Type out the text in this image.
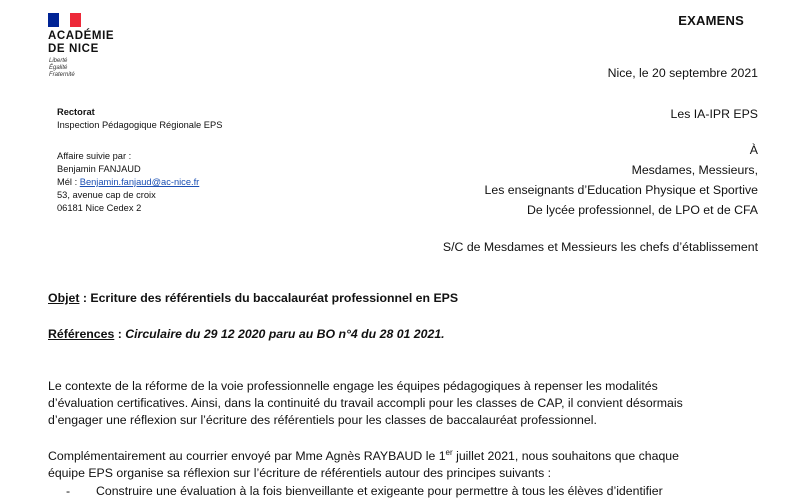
ACADÉMIE
DE NICE
Liberté
Égalité
Fraternité
EXAMENS
Rectorat
Inspection Pédagogique Régionale EPS
Affaire suivie par :
Benjamin FANJAUD
Mél : Benjamin.fanjaud@ac-nice.fr
53, avenue cap de croix
06181 Nice Cedex 2
Nice, le 20 septembre 2021
Les IA-IPR EPS
À
Mesdames, Messieurs,
Les enseignants d’Education Physique et Sportive
De lycée professionnel, de LPO et de CFA
S/C de Mesdames et Messieurs les chefs d’établissement
Objet : Ecriture des référentiels du baccalauréat professionnel en EPS
Références : Circulaire du 29 12 2020 paru au BO n°4 du 28 01 2021.
Le contexte de la réforme de la voie professionnelle engage les équipes pédagogiques à repenser les modalités
d’évaluation certificatives. Ainsi, dans la continuité du travail accompli pour les classes de CAP, il convient désormais
d’engager une réflexion sur l’écriture des référentiels pour les classes de baccalauréat professionnel.
Complémentairement au courrier envoyé par Mme Agnès RAYBAUD le 1er juillet 2021, nous souhaitons que chaque
équipe EPS organise sa réflexion sur l’écriture de référentiels autour des principes suivants :
- Construire une évaluation à la fois bienveillante et exigeante pour permettre à tous les élèves d’identifier
